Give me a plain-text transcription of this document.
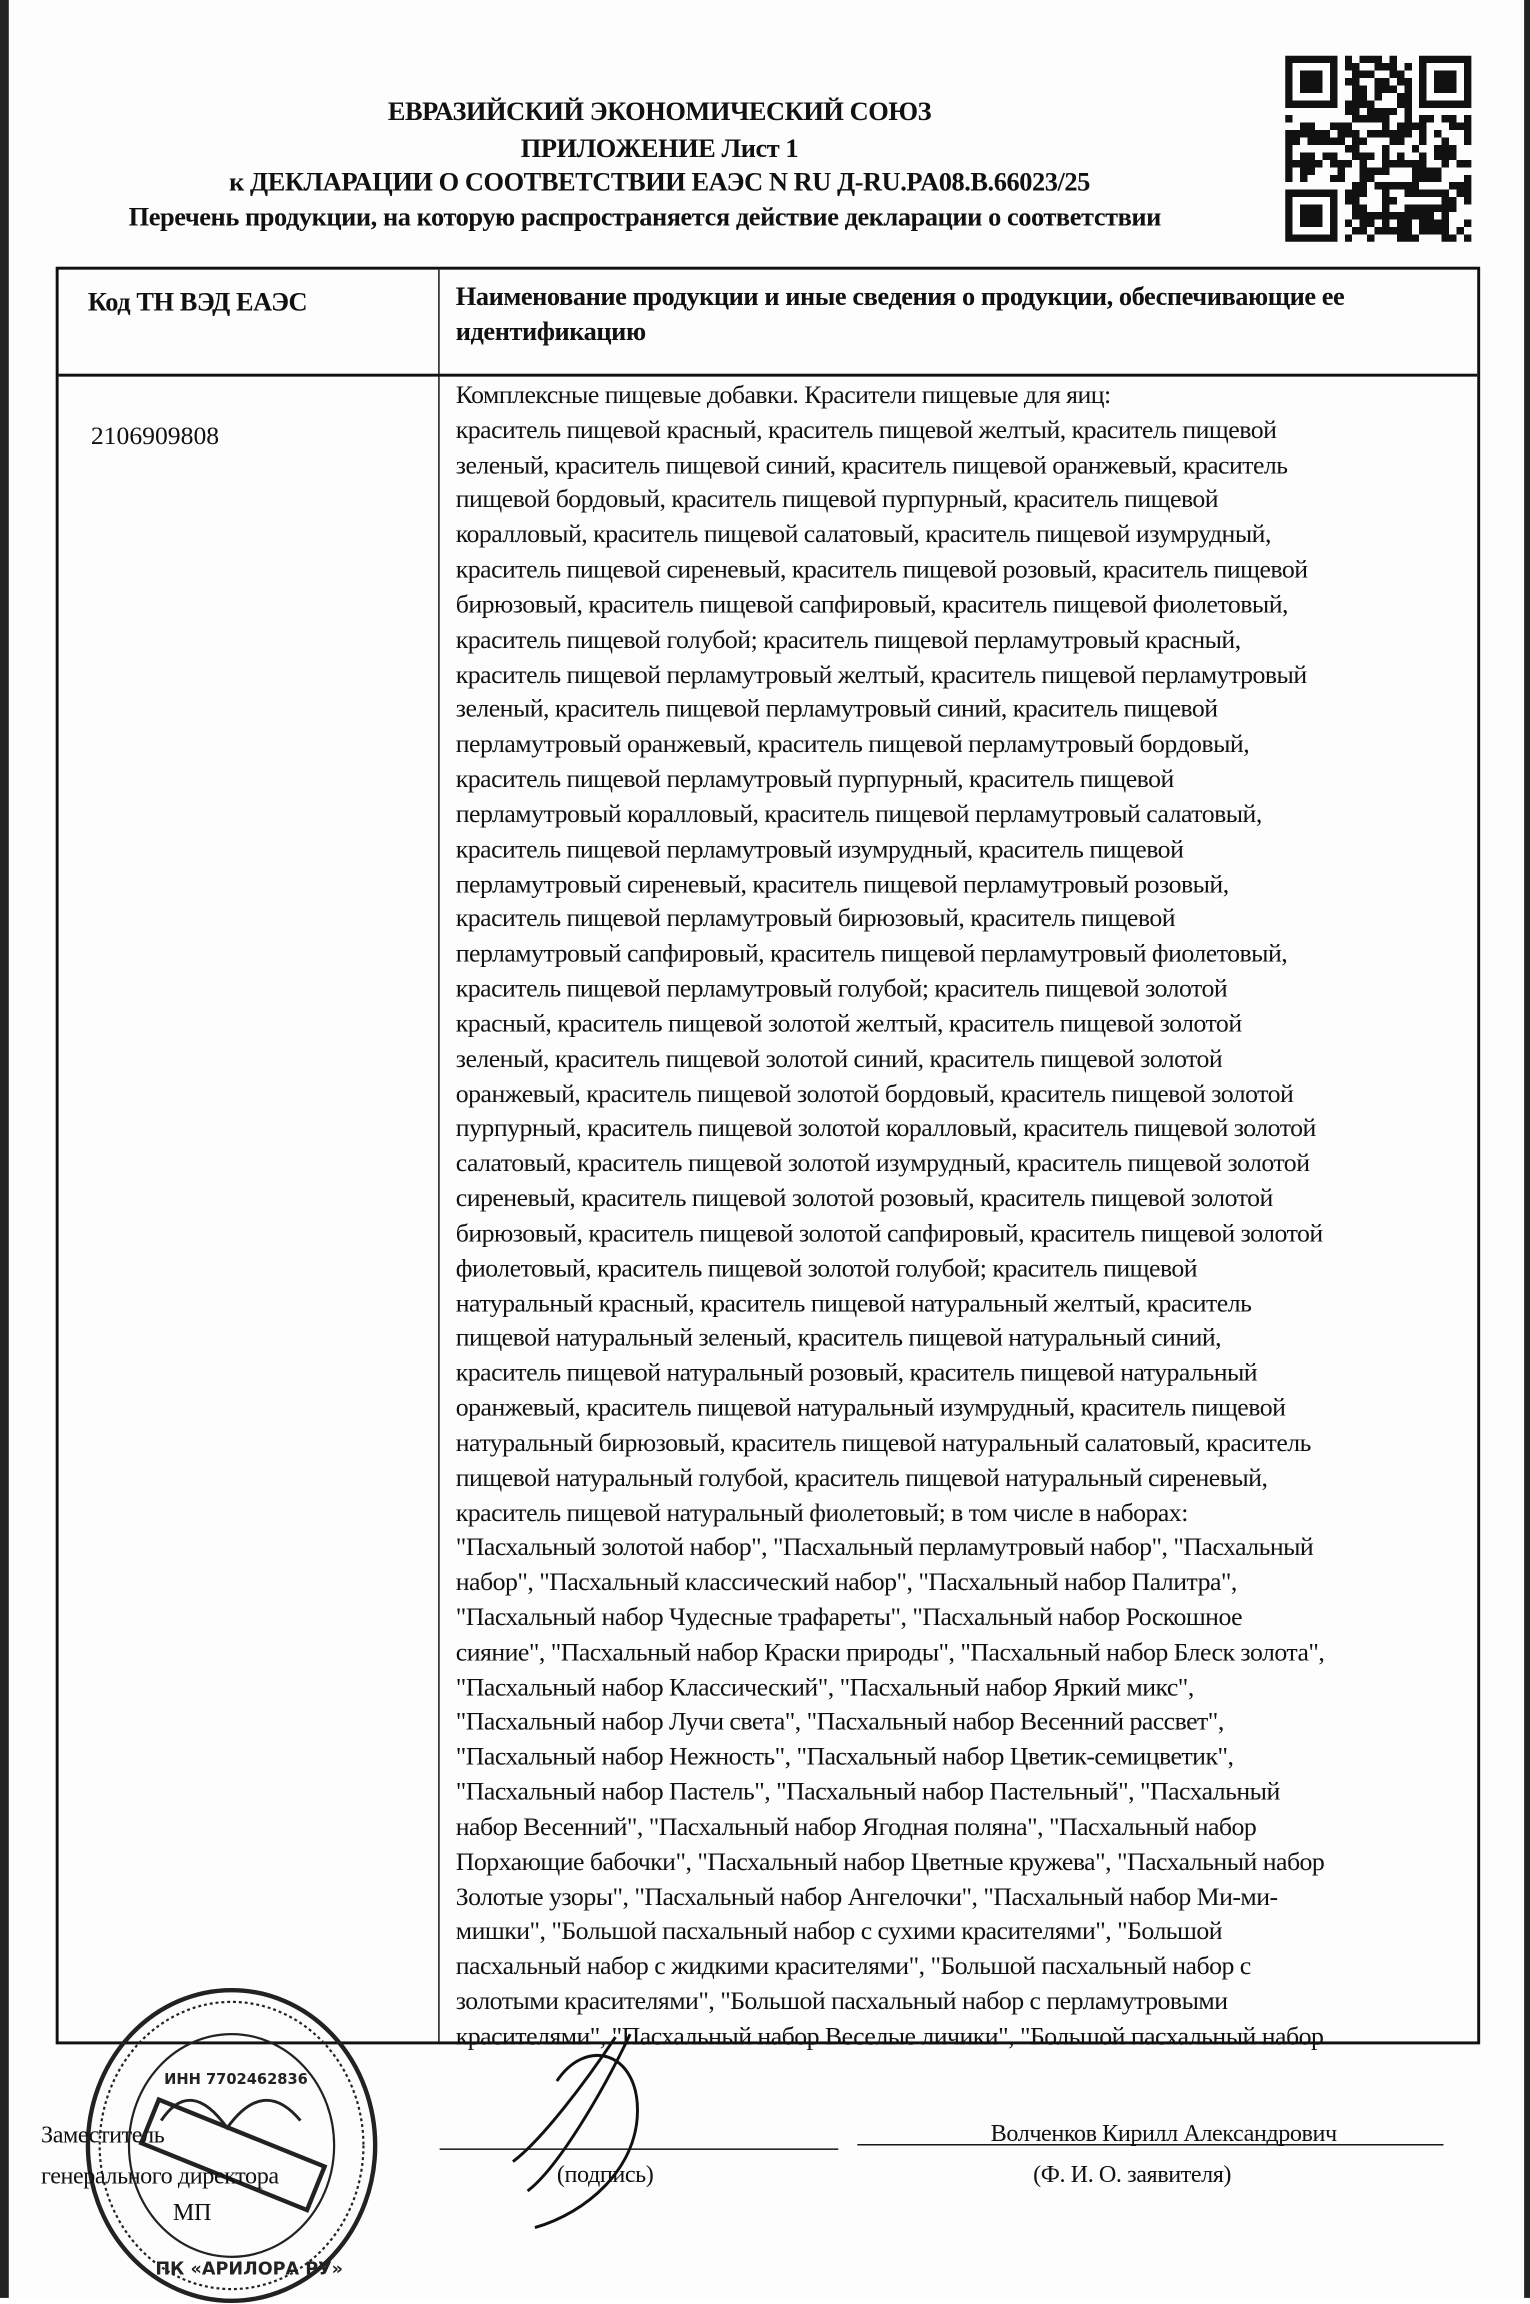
ЕВРАЗИЙСКИЙ ЭКОНОМИЧЕСКИЙ СОЮЗ
ПРИЛОЖЕНИЕ Лист 1
к ДЕКЛАРАЦИИ О СООТВЕТСТВИИ ЕАЭС N RU Д-RU.PA08.B.66023/25
Перечень продукции, на которую распространяется действие декларации о соответствии
Код ТН ВЭД ЕАЭС	Наименование продукции и иные сведения о продукции, обеспечивающие ее
идентификацию
2106909808
Комплексные пищевые добавки. Красители пищевые для яиц:
краситель пищевой красный, краситель пищевой желтый, краситель пищевой
зеленый, краситель пищевой синий, краситель пищевой оранжевый, краситель
пищевой бордовый, краситель пищевой пурпурный, краситель пищевой
коралловый, краситель пищевой салатовый, краситель пищевой изумрудный,
краситель пищевой сиреневый, краситель пищевой розовый, краситель пищевой
бирюзовый, краситель пищевой сапфировый, краситель пищевой фиолетовый,
краситель пищевой голубой; краситель пищевой перламутровый красный,
краситель пищевой перламутровый желтый, краситель пищевой перламутровый
зеленый, краситель пищевой перламутровый синий, краситель пищевой
перламутровый оранжевый, краситель пищевой перламутровый бордовый,
краситель пищевой перламутровый пурпурный, краситель пищевой
перламутровый коралловый, краситель пищевой перламутровый салатовый,
краситель пищевой перламутровый изумрудный, краситель пищевой
перламутровый сиреневый, краситель пищевой перламутровый розовый,
краситель пищевой перламутровый бирюзовый, краситель пищевой
перламутровый сапфировый, краситель пищевой перламутровый фиолетовый,
краситель пищевой перламутровый голубой; краситель пищевой золотой
красный, краситель пищевой золотой желтый, краситель пищевой золотой
зеленый, краситель пищевой золотой синий, краситель пищевой золотой
оранжевый, краситель пищевой золотой бордовый, краситель пищевой золотой
пурпурный, краситель пищевой золотой коралловый, краситель пищевой золотой
салатовый, краситель пищевой золотой изумрудный, краситель пищевой золотой
сиреневый, краситель пищевой золотой розовый, краситель пищевой золотой
бирюзовый, краситель пищевой золотой сапфировый, краситель пищевой золотой
фиолетовый, краситель пищевой золотой голубой; краситель пищевой
натуральный красный, краситель пищевой натуральный желтый, краситель
пищевой натуральный зеленый, краситель пищевой натуральный синий,
краситель пищевой натуральный розовый, краситель пищевой натуральный
оранжевый, краситель пищевой натуральный изумрудный, краситель пищевой
натуральный бирюзовый, краситель пищевой натуральный салатовый, краситель
пищевой натуральный голубой, краситель пищевой натуральный сиреневый,
краситель пищевой натуральный фиолетовый; в том числе в наборах:
"Пасхальный золотой набор", "Пасхальный перламутровый набор", "Пасхальный
набор", "Пасхальный классический набор", "Пасхальный набор Палитра",
"Пасхальный набор Чудесные трафареты", "Пасхальный набор Роскошное
сияние", "Пасхальный набор Краски природы", "Пасхальный набор Блеск золота",
"Пасхальный набор Классический", "Пасхальный набор Яркий микс",
"Пасхальный набор Лучи света", "Пасхальный набор Весенний рассвет",
"Пасхальный набор Нежность", "Пасхальный набор Цветик-семицветик",
"Пасхальный набор Пастель", "Пасхальный набор Пастельный", "Пасхальный
набор Весенний", "Пасхальный набор Ягодная поляна", "Пасхальный набор
Порхающие бабочки", "Пасхальный набор Цветные кружева", "Пасхальный набор
Золотые узоры", "Пасхальный набор Ангелочки", "Пасхальный набор Ми-ми-
мишки", "Большой пасхальный набор с сухими красителями", "Большой
пасхальный набор с жидкими красителями", "Большой пасхальный набор с
золотыми красителями", "Большой пасхальный набор с перламутровыми
красителями", "Пасхальный набор Веселые личики", "Большой пасхальный набор
ИНН 7702462836
ПК «АРИЛОРА РУ»
Заместитель
генерального директора	(подпись)
Волченков Кирилл Александрович
(Ф. И. О. заявителя)
МП
